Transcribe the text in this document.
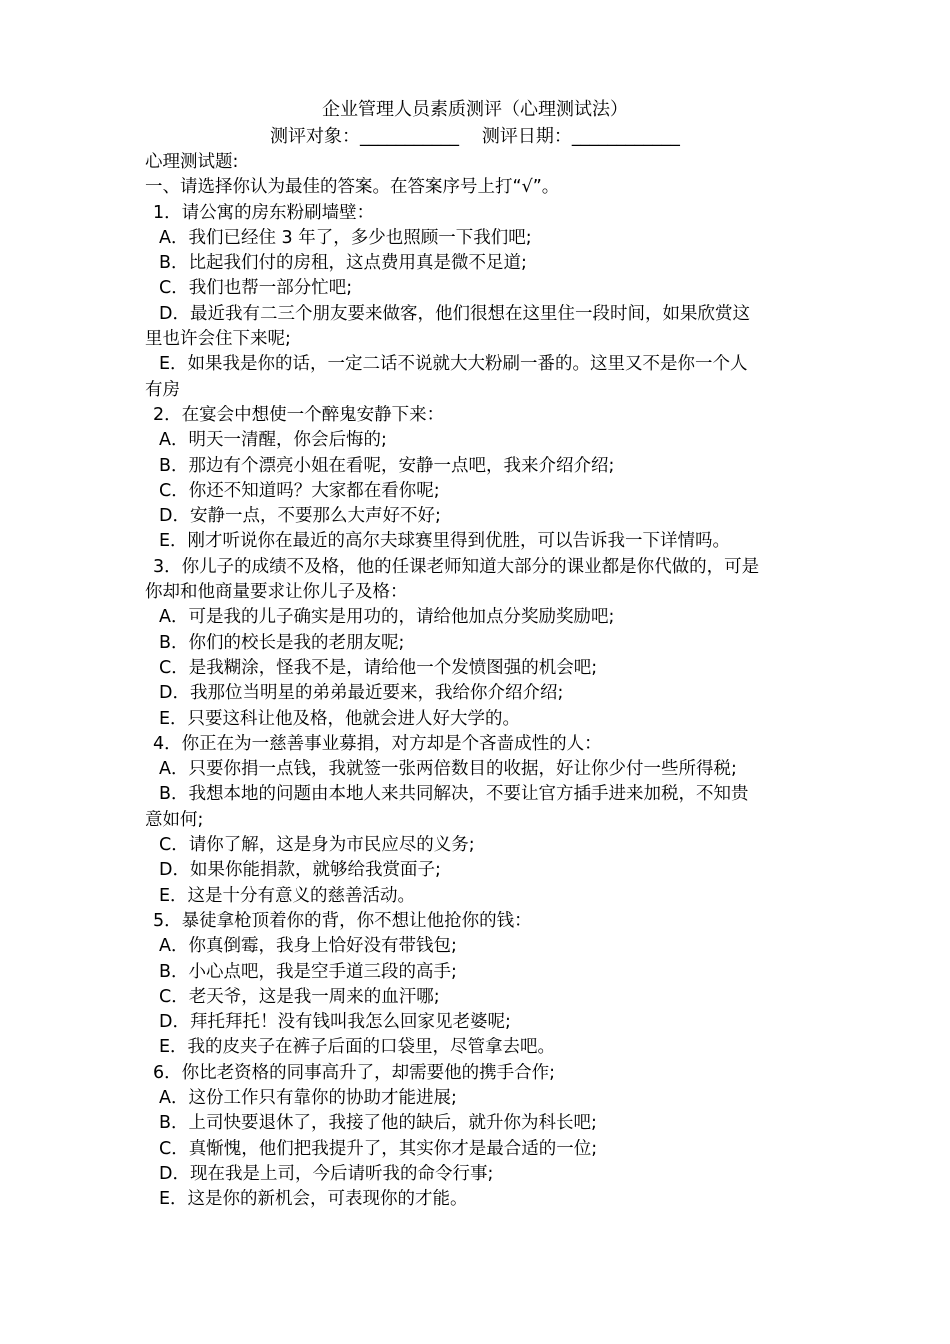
企业管理人员素质测评（心理测试法）
测评对象：___________    测评日期：____________
心理测试题:
一、请选择你认为最佳的答案。在答案序号上打“√”。
1．请公寓的房东粉刷墙壁：
A．我们已经住 3 年了，多少也照顾一下我们吧;
B．比起我们付的房租，这点费用真是微不足道;
C．我们也帮一部分忙吧;
D．最近我有二三个朋友要来做客，他们很想在这里住一段时间，如果欣赏这
里也许会住下来呢;
E．如果我是你的话，一定二话不说就大大粉刷一番的。这里又不是你一个人
有房
2．在宴会中想使一个醉鬼安静下来：
A．明天一清醒，你会后悔的;
B．那边有个漂亮小姐在看呢，安静一点吧，我来介绍介绍;
C．你还不知道吗？大家都在看你呢;
D．安静一点，不要那么大声好不好;
E．刚才听说你在最近的高尔夫球赛里得到优胜，可以告诉我一下详情吗。
3．你儿子的成绩不及格，他的任课老师知道大部分的课业都是你代做的，可是
你却和他商量要求让你儿子及格：
A．可是我的儿子确实是用功的，请给他加点分奖励奖励吧;
B．你们的校长是我的老朋友呢;
C．是我糊涂，怪我不是，请给他一个发愤图强的机会吧;
D．我那位当明星的弟弟最近要来，我给你介绍介绍;
E．只要这科让他及格，他就会进人好大学的。
4．你正在为一慈善事业募捐，对方却是个吝啬成性的人：
A．只要你捐一点钱，我就签一张两倍数目的收据，好让你少付一些所得税;
B．我想本地的问题由本地人来共同解决，不要让官方插手进来加税，不知贵
意如何;
C．请你了解，这是身为市民应尽的义务;
D．如果你能捐款，就够给我赏面子;
E．这是十分有意义的慈善活动。
5．暴徒拿枪顶着你的背，你不想让他抢你的钱：
A．你真倒霉，我身上恰好没有带钱包;
B．小心点吧，我是空手道三段的高手;
C．老天爷，这是我一周来的血汗哪;
D．拜托拜托！没有钱叫我怎么回家见老婆呢;
E．我的皮夹子在裤子后面的口袋里，尽管拿去吧。
6．你比老资格的同事高升了，却需要他的携手合作;
A．这份工作只有靠你的协助才能进展;
B．上司快要退休了，我接了他的缺后，就升你为科长吧;
C．真惭愧，他们把我提升了，其实你才是最合适的一位;
D．现在我是上司，今后请听我的命令行事;
E．这是你的新机会，可表现你的才能。
